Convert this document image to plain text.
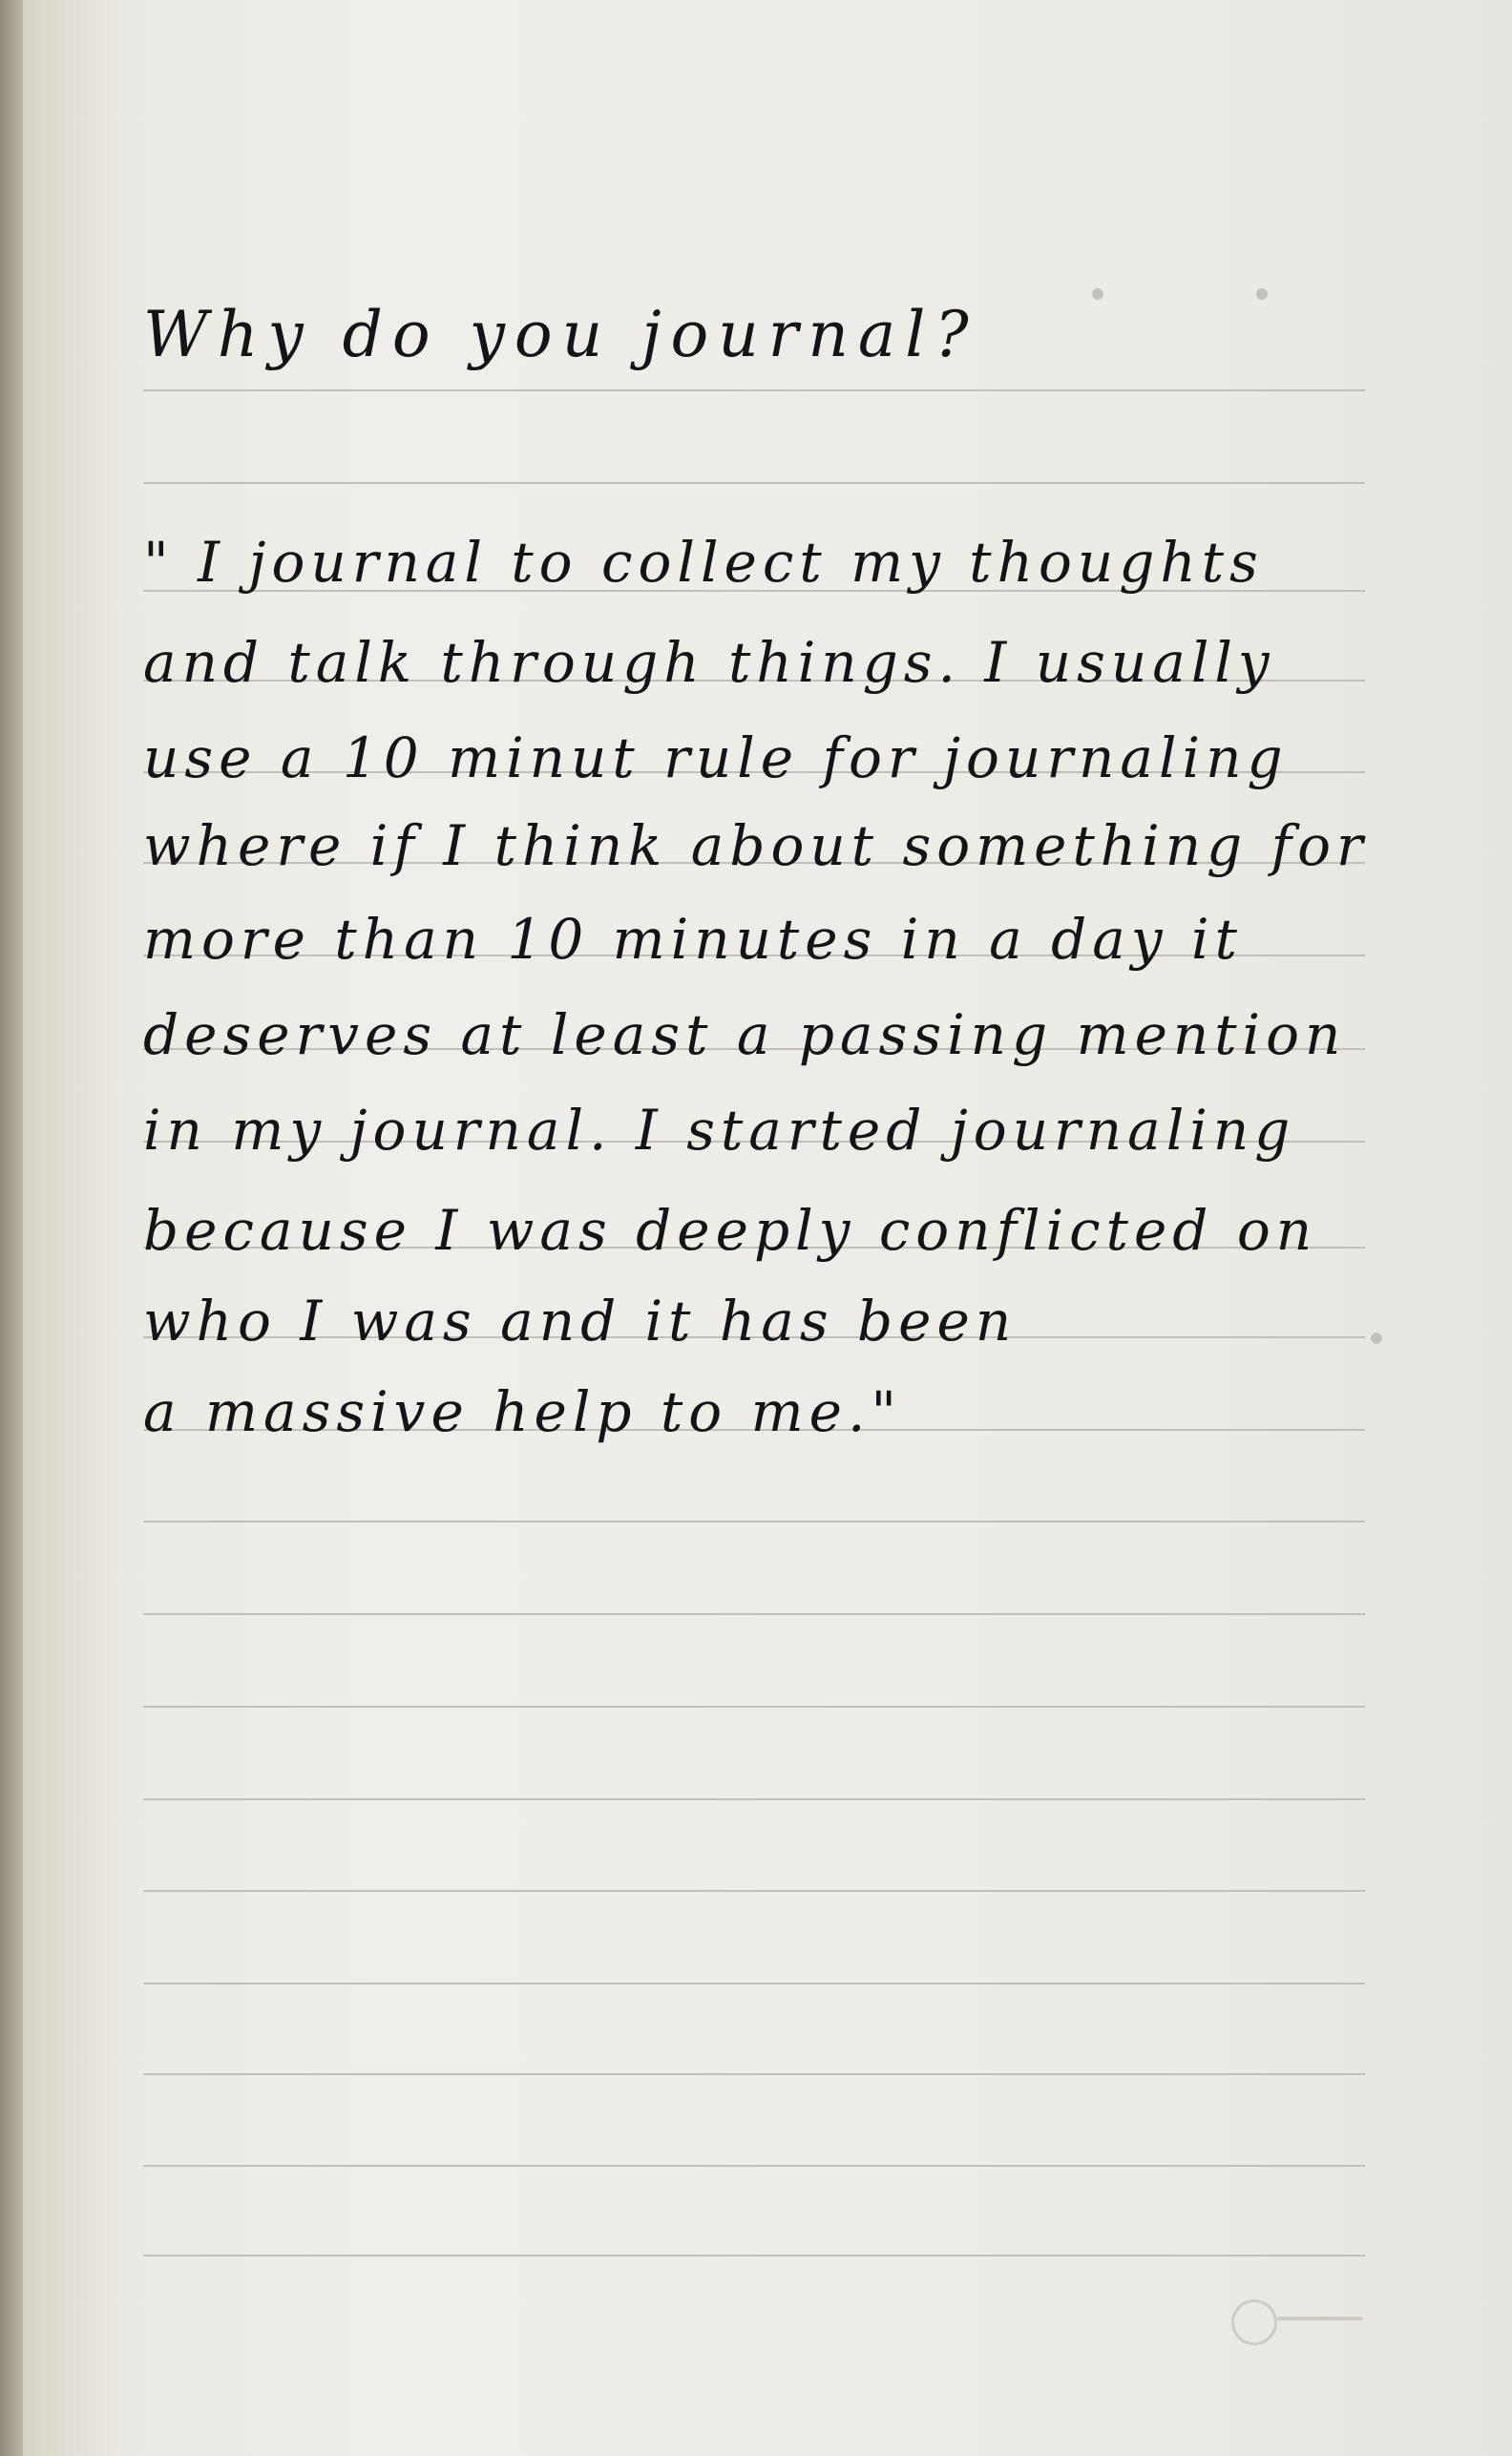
Why do you journal?
" I journal to collect my thoughts
and talk through things. I usually
use a 10 minut rule for journaling
where if I think about something for
more than 10 minutes in a day it
deserves at least a passing mention
in my journal. I started journaling
because I was deeply conflicted on
who I was and it has been
a massive help to me."
